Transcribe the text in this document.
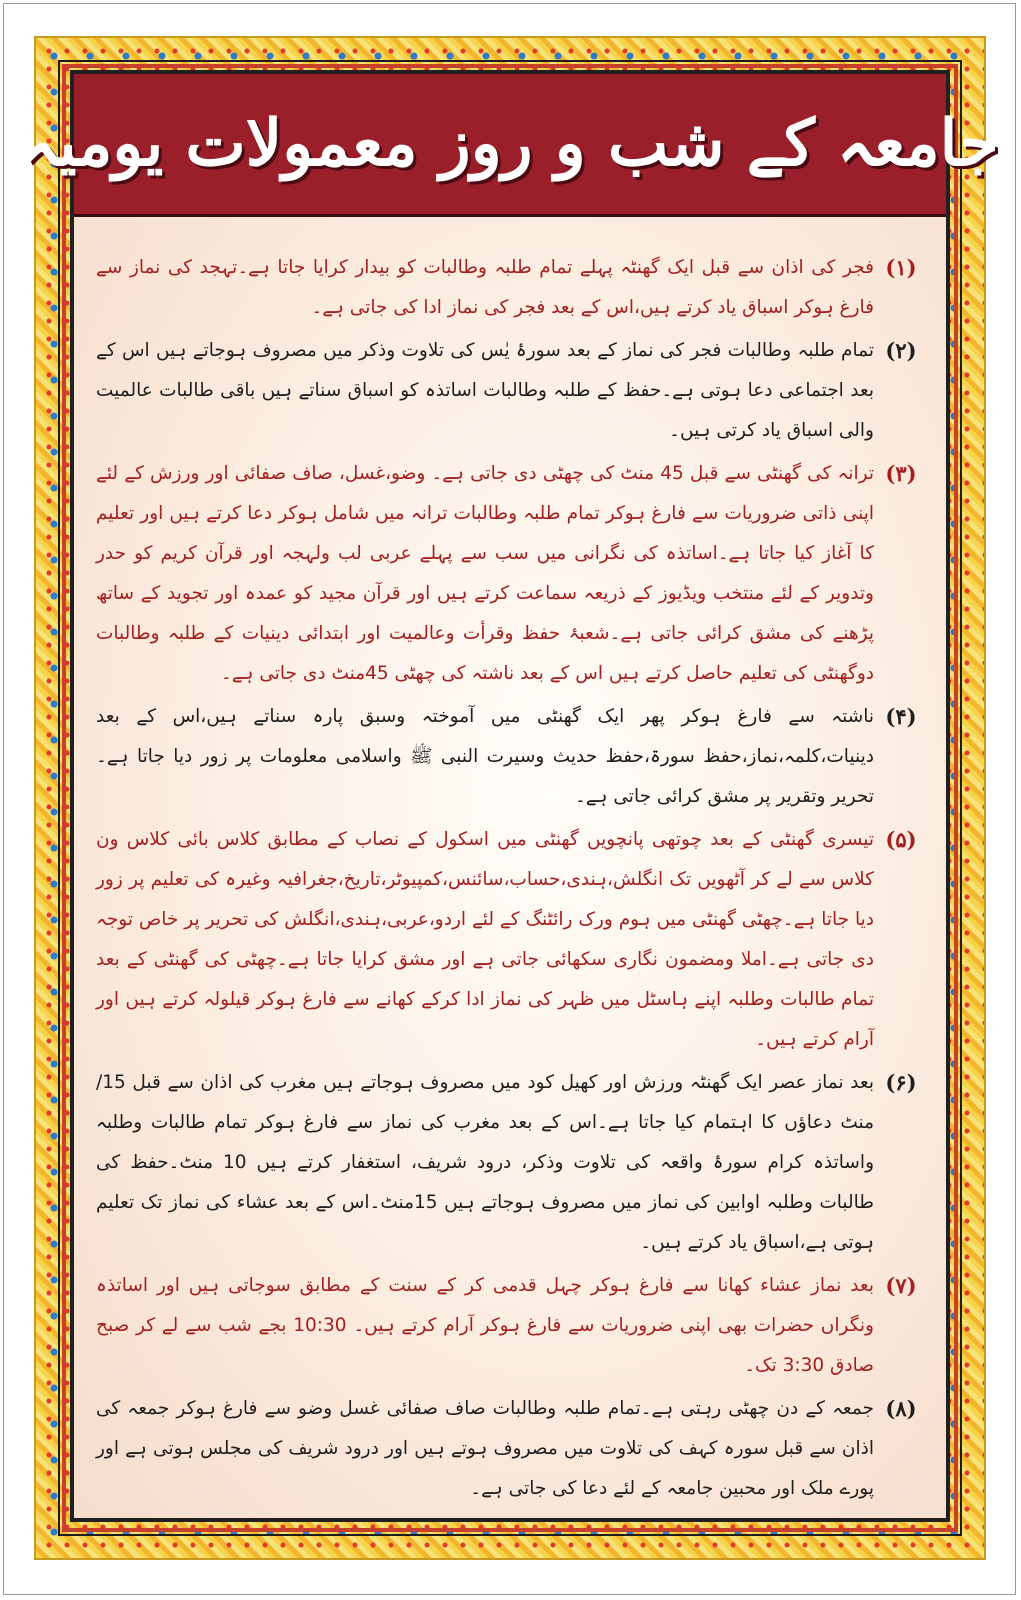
جامعہ کے شب و روز معمولات یومیہ
(۱)
فجر کی اذان سے قبل ایک گھنٹہ پہلے تمام طلبہ وطالبات کو بیدار کرایا جاتا ہے۔تہجد کی نماز سے فارغ ہوکر اسباق یاد کرتے ہیں،اس کے بعد فجر کی نماز ادا کی جاتی ہے۔
(۲)
تمام طلبہ وطالبات فجر کی نماز کے بعد سورۂ یٰس کی تلاوت وذکر میں مصروف ہوجاتے ہیں اس کے بعد اجتماعی دعا ہوتی ہے۔حفظ کے طلبہ وطالبات اساتذہ کو اسباق سناتے ہیں باقی طالبات عالمیت والی اسباق یاد کرتی ہیں۔
(۳)
ترانہ کی گھنٹی سے قبل 45 منٹ کی چھٹی دی جاتی ہے۔ وضو،غسل، صاف صفائی اور ورزش کے لئے اپنی ذاتی ضروریات سے فارغ ہوکر تمام طلبہ وطالبات ترانہ میں شامل ہوکر دعا کرتے ہیں اور تعلیم کا آغاز کیا جاتا ہے۔اساتذہ کی نگرانی میں سب سے پہلے عربی لب ولہجہ اور قرآن کریم کو حدر وتدویر کے لئے منتخب ویڈیوز کے ذریعہ سماعت کرتے ہیں اور قرآن مجید کو عمدہ اور تجوید کے ساتھ پڑھنے کی مشق کرائی جاتی ہے۔شعبۂ حفظ وقرأت وعالمیت اور ابتدائی دینیات کے طلبہ وطالبات دوگھنٹی کی تعلیم حاصل کرتے ہیں اس کے بعد ناشتہ کی چھٹی 45منٹ دی جاتی ہے۔
(۴)
ناشتہ سے فارغ ہوکر پھر ایک گھنٹی میں آموختہ وسبق پارہ سناتے ہیں،اس کے بعد دینیات،کلمہ،نماز،حفظ سورۃ،حفظ حدیث وسیرت النبی ﷺ واسلامی معلومات پر زور دیا جاتا ہے۔تحریر وتقریر پر مشق کرائی جاتی ہے۔
(۵)
تیسری گھنٹی کے بعد چوتھی پانچویں گھنٹی میں اسکول کے نصاب کے مطابق کلاس بائی کلاس ون کلاس سے لے کر آٹھویں تک انگلش،ہندی،حساب،سائنس،کمپیوٹر،تاریخ،جغرافیہ وغیرہ کی تعلیم پر زور دیا جاتا ہے۔چھٹی گھنٹی میں ہوم ورک رائٹنگ کے لئے اردو،عربی،ہندی،انگلش کی تحریر پر خاص توجہ دی جاتی ہے۔املا ومضمون نگاری سکھائی جاتی ہے اور مشق کرایا جاتا ہے۔چھٹی کی گھنٹی کے بعد تمام طالبات وطلبہ اپنے ہاسٹل میں ظہر کی نماز ادا کرکے کھانے سے فارغ ہوکر قیلولہ کرتے ہیں اور آرام کرتے ہیں۔
(۶)
بعد نماز عصر ایک گھنٹہ ورزش اور کھیل کود میں مصروف ہوجاتے ہیں مغرب کی اذان سے قبل 15/منٹ دعاؤں کا اہتمام کیا جاتا ہے۔اس کے بعد مغرب کی نماز سے فارغ ہوکر تمام طالبات وطلبہ واساتذہ کرام سورۂ واقعہ کی تلاوت وذکر، درود شریف، استغفار کرتے ہیں 10 منٹ۔حفظ کی طالبات وطلبہ اوابین کی نماز میں مصروف ہوجاتے ہیں 15منٹ۔اس کے بعد عشاء کی نماز تک تعلیم ہوتی ہے،اسباق یاد کرتے ہیں۔
(۷)
بعد نماز عشاء کھانا سے فارغ ہوکر چہل قدمی کر کے سنت کے مطابق سوجاتی ہیں اور اساتذہ ونگراں حضرات بھی اپنی ضروریات سے فارغ ہوکر آرام کرتے ہیں۔ 10:30 بجے شب سے لے کر صبح صادق 3:30 تک۔
(۸)
جمعہ کے دن چھٹی رہتی ہے۔تمام طلبہ وطالبات صاف صفائی غسل وضو سے فارغ ہوکر جمعہ کی اذان سے قبل سورہ کہف کی تلاوت میں مصروف ہوتے ہیں اور درود شریف کی مجلس ہوتی ہے اور پورے ملک اور محبین جامعہ کے لئے دعا کی جاتی ہے۔
